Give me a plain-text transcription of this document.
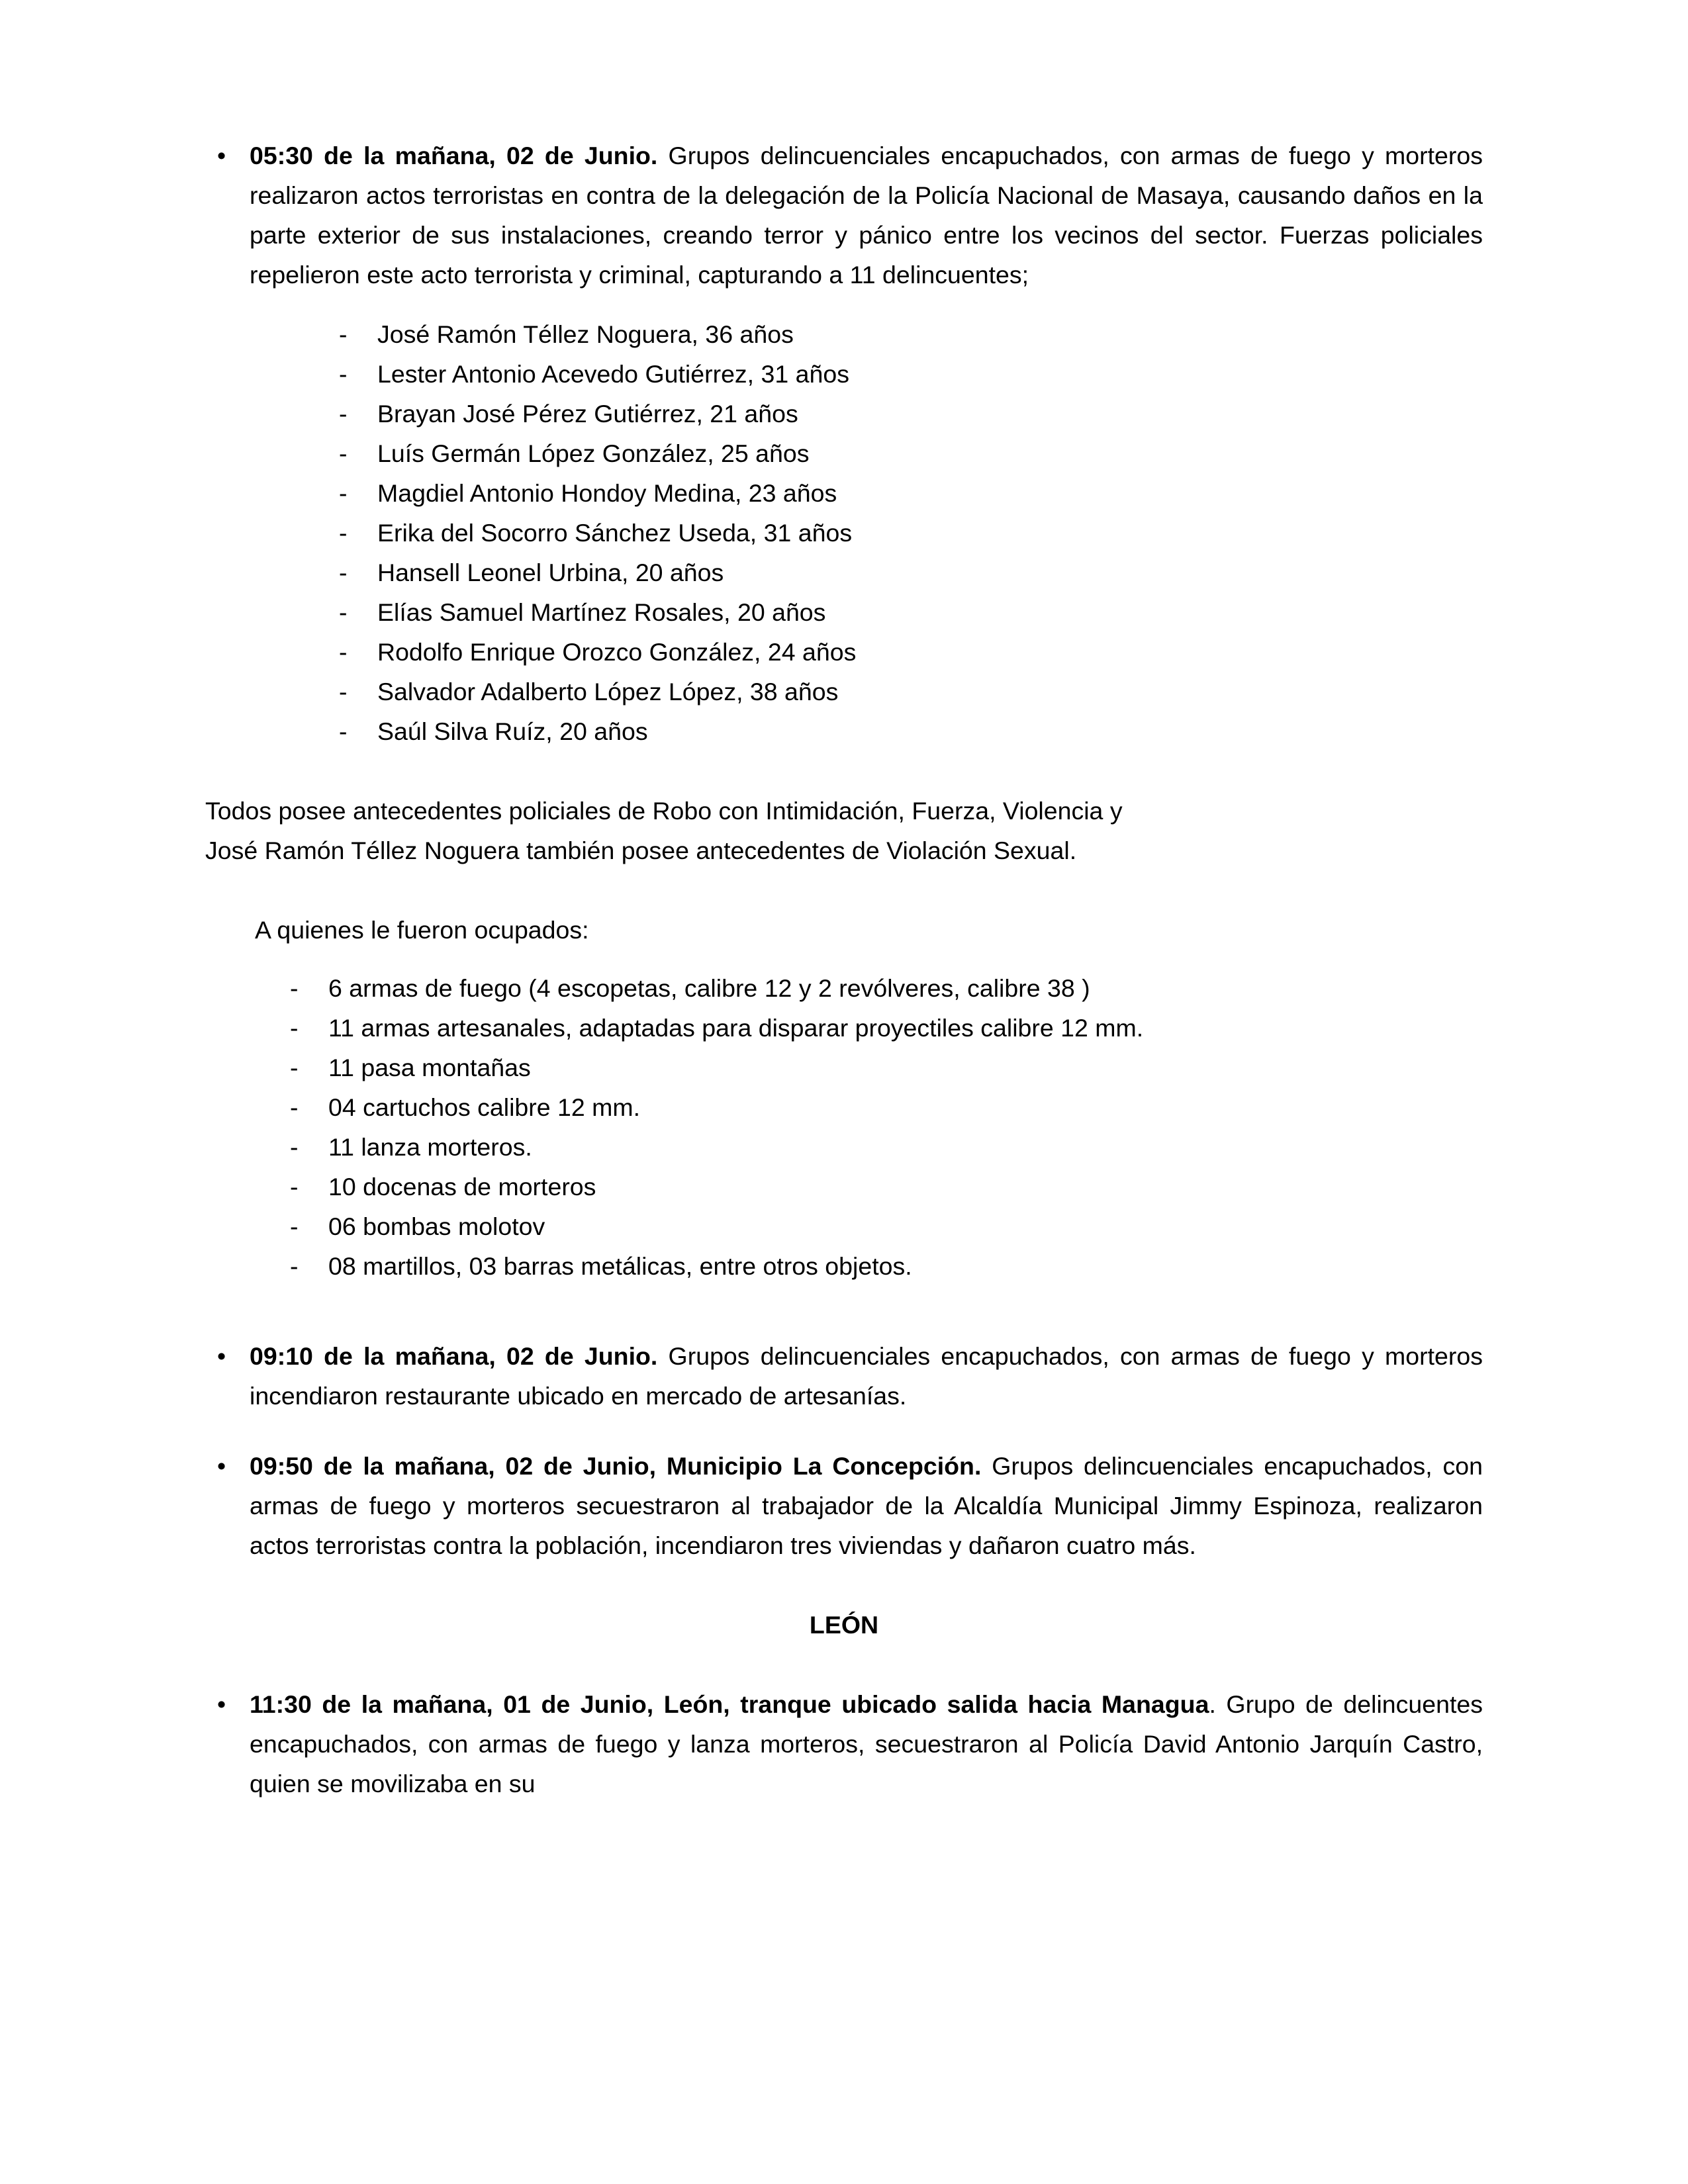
• 05:30 de la mañana, 02 de Junio. Grupos delincuenciales encapuchados, con armas de fuego y morteros realizaron actos terroristas en contra de la delegación de la Policía Nacional de Masaya, causando daños en la parte exterior de sus instalaciones, creando terror y pánico entre los vecinos del sector. Fuerzas policiales repelieron este acto terrorista y criminal, capturando a 11 delincuentes;

-	José Ramón Téllez Noguera, 36 años
-	Lester Antonio Acevedo Gutiérrez, 31 años
-	Brayan José Pérez Gutiérrez, 21 años
-	Luís Germán López González, 25 años
-	Magdiel Antonio Hondoy Medina, 23 años
-	Erika del Socorro Sánchez Useda, 31 años
-	Hansell Leonel Urbina, 20 años
-	Elías Samuel Martínez Rosales, 20 años
-	Rodolfo Enrique Orozco González, 24 años
-	Salvador Adalberto López López, 38 años
-	Saúl Silva Ruíz, 20 años

Todos posee antecedentes policiales de Robo con Intimidación, Fuerza, Violencia y

José Ramón Téllez Noguera también posee antecedentes de Violación Sexual.

A quienes le fueron ocupados:

-	6 armas de fuego (4 escopetas, calibre 12 y 2 revólveres, calibre 38 )
-	11 armas artesanales, adaptadas para disparar proyectiles calibre 12 mm.
-	11 pasa montañas
-	04 cartuchos calibre 12 mm.
-	11 lanza morteros.
-	10 docenas de morteros
-	06 bombas molotov
-	08 martillos, 03 barras metálicas, entre otros objetos.
• 09:10 de la mañana, 02 de Junio. Grupos delincuenciales encapuchados, con armas de fuego y morteros incendiaron restaurante ubicado en mercado de artesanías.

• 09:50 de la mañana, 02 de Junio, Municipio La Concepción. Grupos delincuenciales encapuchados, con armas de fuego y morteros secuestraron al trabajador de la Alcaldía Municipal Jimmy Espinoza, realizaron actos terroristas contra la población, incendiaron tres viviendas y dañaron cuatro más.

LEÓN

• 11:30 de la mañana, 01 de Junio, León, tranque ubicado salida hacia Managua. Grupo de delincuentes encapuchados, con armas de fuego y lanza morteros, secuestraron al Policía David Antonio Jarquín Castro, quien se movilizaba en su
